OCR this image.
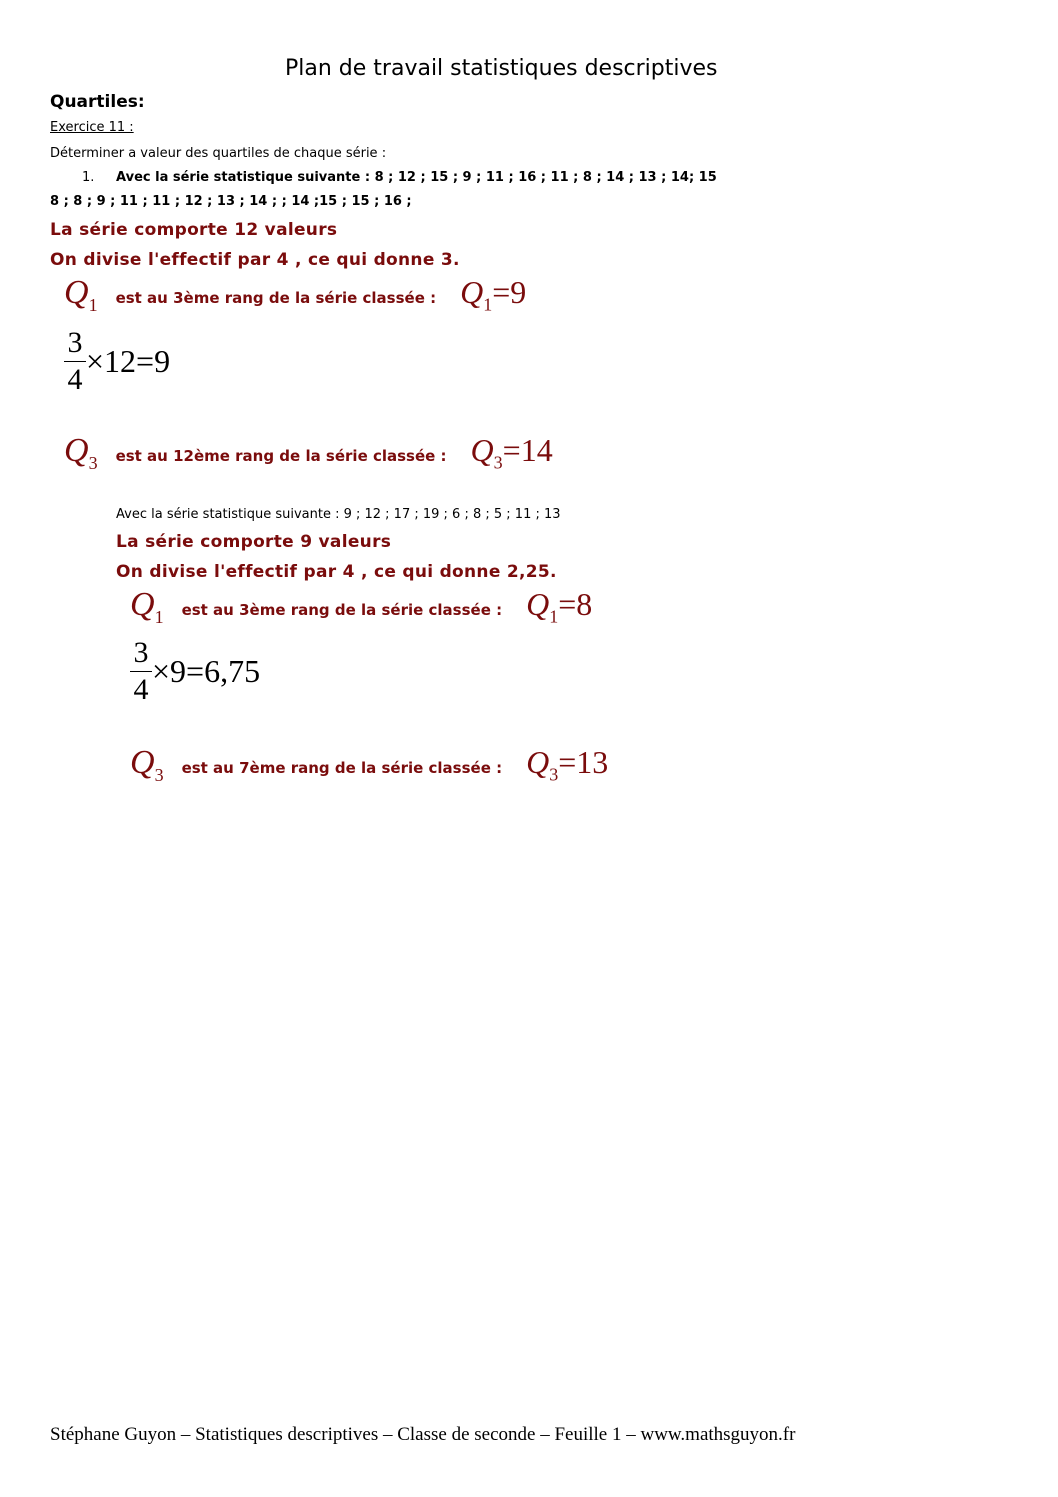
Plan de travail statistiques descriptives
Quartiles:
Exercice 11 :
Déterminer a valeur des quartiles de chaque série :
1. Avec la série statistique suivante : 8 ; 12 ; 15 ; 9 ; 11 ; 16 ; 11 ; 8 ; 14 ; 13 ; 14; 15
8 ; 8 ; 9 ; 11 ; 11 ; 12 ; 13 ; 14 ; ; 14 ;15 ; 15 ; 16 ;
La série comporte 12 valeurs
On divise l'effectif par 4 , ce qui donne 3.
$Q_1$ est au 3ème rang de la série classée : $Q_1=9$
$\frac{3}{4} \times 12=9$
$Q_3$ est au 12ème rang de la série classée : $Q_3=14$
Avec la série statistique suivante : 9 ; 12 ; 17 ; 19 ; 6 ; 8 ; 5 ; 11 ; 13
La série comporte 9 valeurs
On divise l'effectif par 4 , ce qui donne 2,25.
$Q_1$ est au 3ème rang de la série classée : $Q_1=8$
$\frac{3}{4} \times 9=6,75$
$Q_3$ est au 7ème rang de la série classée : $Q_3=13$
Stéphane Guyon – Statistiques descriptives – Classe de seconde – Feuille 1 – www.mathsguyon.fr
